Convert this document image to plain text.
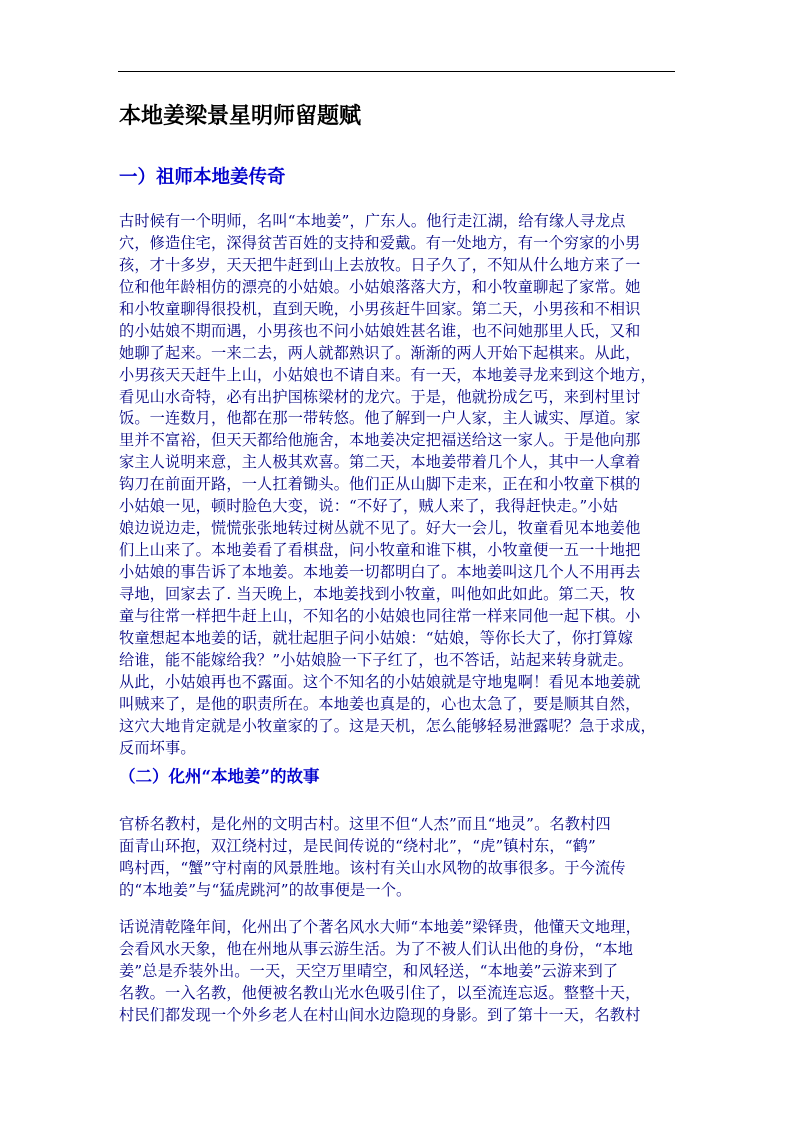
本地姜梁景星明师留题赋
一）祖师本地姜传奇
古时候有一个明师，名叫“本地姜”，广东人。他行走江湖，给有缘人寻龙点
穴，修造住宅，深得贫苦百姓的支持和爱戴。有一处地方，有一个穷家的小男
孩，才十多岁，天天把牛赶到山上去放牧。日子久了，不知从什么地方来了一
位和他年龄相仿的漂亮的小姑娘。小姑娘落落大方，和小牧童聊起了家常。她
和小牧童聊得很投机，直到天晚，小男孩赶牛回家。第二天，小男孩和不相识
的小姑娘不期而遇，小男孩也不问小姑娘姓甚名谁，也不问她那里人氏，又和
她聊了起来。一来二去，两人就都熟识了。渐渐的两人开始下起棋来。从此，
小男孩天天赶牛上山，小姑娘也不请自来。有一天，本地姜寻龙来到这个地方，
看见山水奇特，必有出护国栋梁材的龙穴。于是，他就扮成乞丐，来到村里讨
饭。一连数月，他都在那一带转悠。他了解到一户人家，主人诚实、厚道。家
里并不富裕，但天天都给他施舍，本地姜决定把福送给这一家人。于是他向那
家主人说明来意，主人极其欢喜。第二天，本地姜带着几个人，其中一人拿着
钩刀在前面开路，一人扛着锄头。他们正从山脚下走来，正在和小牧童下棋的
小姑娘一见，顿时脸色大变，说：“不好了，贼人来了，我得赶快走。”小姑
娘边说边走，慌慌张张地转过树丛就不见了。好大一会儿，牧童看见本地姜他
们上山来了。本地姜看了看棋盘，问小牧童和谁下棋，小牧童便一五一十地把
小姑娘的事告诉了本地姜。本地姜一切都明白了。本地姜叫这几个人不用再去
寻地，回家去了. 当天晚上，本地姜找到小牧童，叫他如此如此。第二天，牧
童与往常一样把牛赶上山，不知名的小姑娘也同往常一样来同他一起下棋。小
牧童想起本地姜的话，就壮起胆子问小姑娘：“姑娘，等你长大了，你打算嫁
给谁，能不能嫁给我？”小姑娘脸一下子红了，也不答话，站起来转身就走。
从此，小姑娘再也不露面。这个不知名的小姑娘就是守地鬼啊！看见本地姜就
叫贼来了，是他的职责所在。本地姜也真是的，心也太急了，要是顺其自然，
这穴大地肯定就是小牧童家的了。这是天机，怎么能够轻易泄露呢？急于求成，
反而坏事。
（二）化州“本地姜”的故事
官桥名教村，是化州的文明古村。这里不但“人杰”而且“地灵”。名教村四
面青山环抱，双江绕村过，是民间传说的“绕村北”，“虎”镇村东，“鹤”
鸣村西，“蟹”守村南的风景胜地。该村有关山水风物的故事很多。于今流传
的“本地姜”与“猛虎跳河”的故事便是一个。
话说清乾隆年间，化州出了个著名风水大师“本地姜”梁铎贵，他懂天文地理，
会看风水天象，他在州地从事云游生活。为了不被人们认出他的身份，“本地
姜”总是乔装外出。一天，天空万里晴空，和风轻送，“本地姜”云游来到了
名教。一入名教，他便被名教山光水色吸引住了，以至流连忘返。整整十天，
村民们都发现一个外乡老人在村山间水边隐现的身影。到了第十一天，名教村
